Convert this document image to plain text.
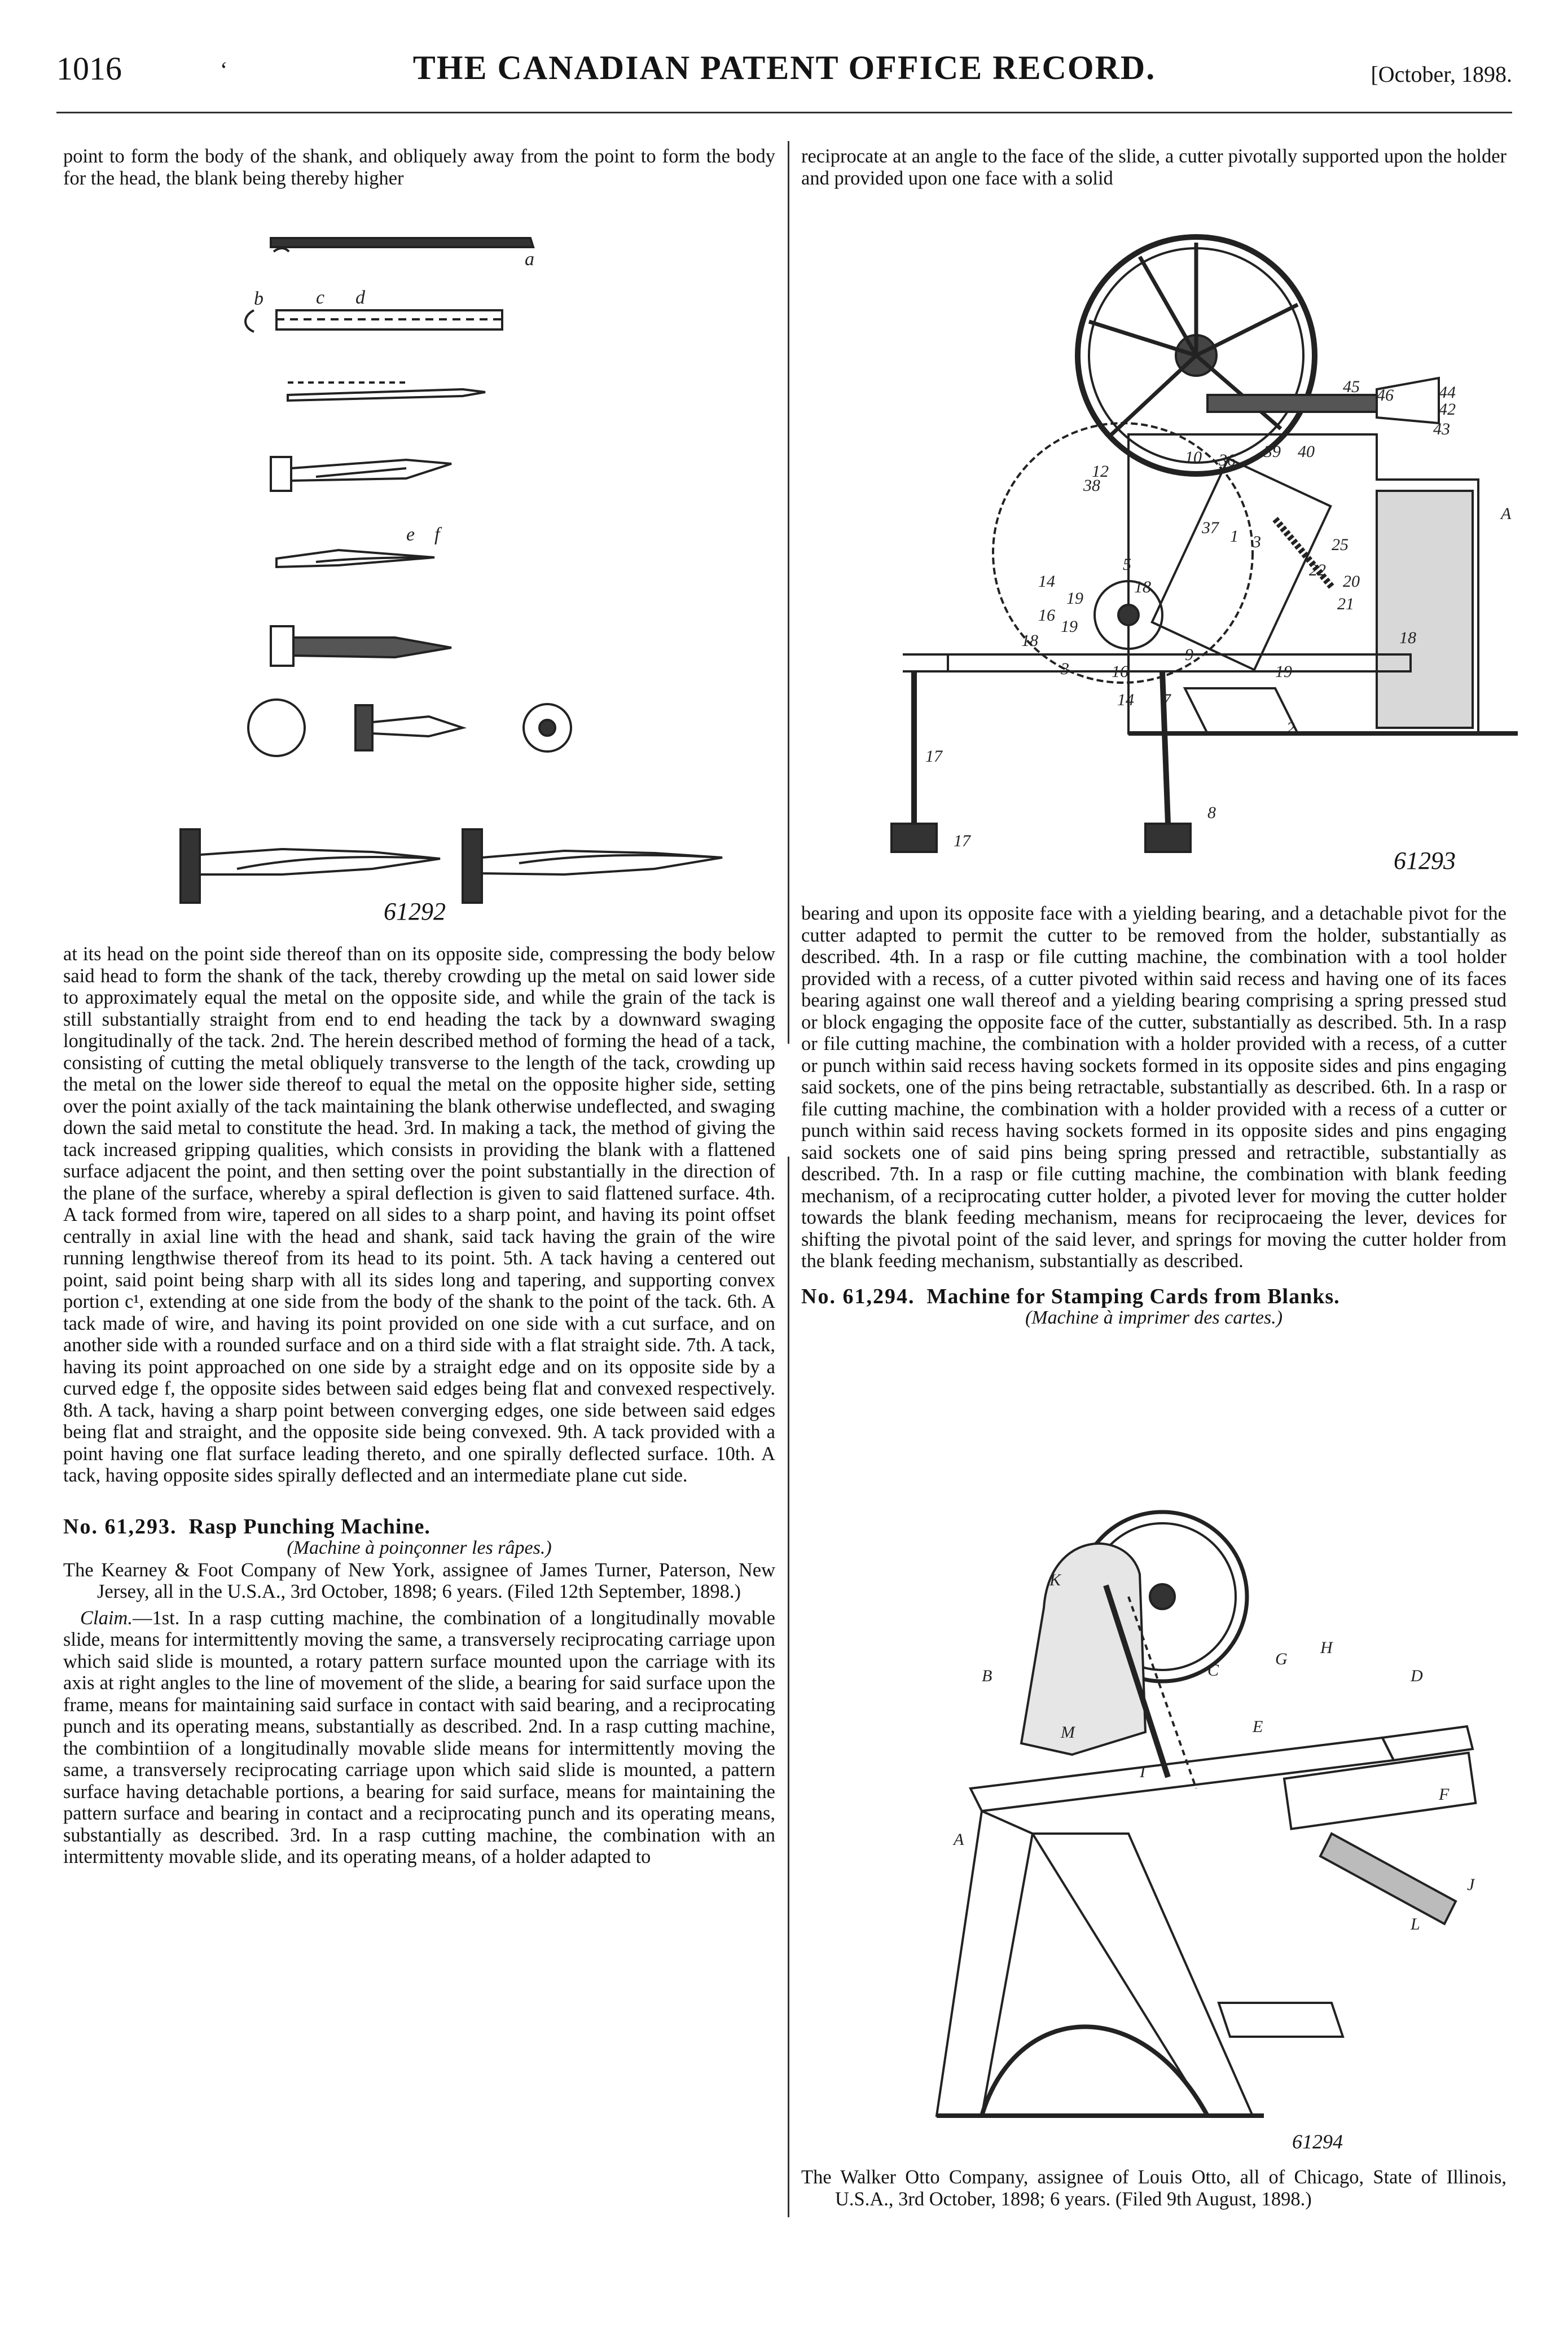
1016	‘	THE CANADIAN PATENT OFFICE RECORD.	[October, 1898.

point to form the body of the shank, and obliquely away from the point to form the body for the head, the blank being thereby higher

a
b	c d
e f
61292

at its head on the point side thereof than on its opposite side, compressing the body below said head to form the shank of the tack, thereby crowding up the metal on said lower side to approximately equal the metal on the opposite side, and while the grain of the tack is still substantially straight from end to end heading the tack by a downward swaging longitudinally of the tack. 2nd. The herein described method of forming the head of a tack, consisting of cutting the metal obliquely transverse to the length of the tack, crowding up the metal on the lower side thereof to equal the metal on the opposite higher side, setting over the point axially of the tack maintaining the blank otherwise undeflected, and swaging down the said metal to constitute the head. 3rd. In making a tack, the method of giving the tack increased gripping qualities, which consists in providing the blank with a flattened surface adjacent the point, and then setting over the point substantially in the direction of the plane of the surface, whereby a spiral deflection is given to said flattened surface. 4th. A tack formed from wire, tapered on all sides to a sharp point, and having its point offset centrally in axial line with the head and shank, said tack having the grain of the wire running lengthwise thereof from its head to its point. 5th. A tack having a centered out point, said point being sharp with all its sides long and tapering, and supporting convex portion c¹, extending at one side from the body of the shank to the point of the tack. 6th. A tack made of wire, and having its point provided on one side with a cut surface, and on another side with a rounded surface and on a third side with a flat straight side. 7th. A tack, having its point approached on one side by a straight edge and on its opposite side by a curved edge f, the opposite sides between said edges being flat and convexed respectively. 8th. A tack, having a sharp point between converging edges, one side between said edges being flat and straight, and the opposite side being convexed. 9th. A tack provided with a point having one flat surface leading thereto, and one spirally deflected surface. 10th. A tack, having opposite sides spirally deflected and an intermediate plane cut side.

No. 61,293. Rasp Punching Machine.

(Machine à poinçonner les râpes.)

The Kearney & Foot Company of New York, assignee of James Turner, Paterson, New Jersey, all in the U.S.A., 3rd October, 1898; 6 years. (Filed 12th September, 1898.)

Claim.—1st. In a rasp cutting machine, the combination of a longitudinally movable slide, means for intermittently moving the same, a transversely reciprocating carriage upon which said slide is mounted, a rotary pattern surface mounted upon the carriage with its axis at right angles to the line of movement of the slide, a bearing for said surface upon the frame, means for maintaining said surface in contact with said bearing, and a reciprocating punch and its operating means, substantially as described. 2nd. In a rasp cutting machine, the combintiion of a longitudinally movable slide means for intermittently moving the same, a transversely reciprocating carriage upon which said slide is mounted, a pattern surface having detachable portions, a bearing for said surface, means for maintaining the pattern surface and bearing in contact and a reciprocating punch and its operating means, substantially as described. 3rd. In a rasp cutting machine, the combination with an intermittenty movable slide, and its operating means, of a holder adapted to

reciprocate at an angle to the face of the slide, a cutter pivotally supported upon the holder and provided upon one face with a solid

45 46	44
42
43
A
38
10 36 39 40
37 1 3	25
22
21
20
18
14
16
19
19
18
5
12
18
3	16
9
19
14 7
2
17
17
8
61293

bearing and upon its opposite face with a yielding bearing, and a detachable pivot for the cutter adapted to permit the cutter to be removed from the holder, substantially as described. 4th. In a rasp or file cutting machine, the combination with a tool holder provided with a recess, of a cutter pivoted within said recess and having one of its faces bearing against one wall thereof and a yielding bearing comprising a spring pressed stud or block engaging the opposite face of the cutter, substantially as described. 5th. In a rasp or file cutting machine, the combination with a holder provided with a recess, of a cutter or punch within said recess having sockets formed in its opposite sides and pins engaging said sockets, one of the pins being retractable, substantially as described. 6th. In a rasp or file cutting machine, the combination with a holder provided with a recess of a cutter or punch within said recess having sockets formed in its opposite sides and pins engaging said sockets one of said pins being spring pressed and retractible, substantially as described. 7th. In a rasp or file cutting machine, the combination with blank feeding mechanism, of a reciprocating cutter holder, a pivoted lever for moving the cutter holder towards the blank feeding mechanism, means for reciprocaeing the lever, devices for shifting the pivotal point of the said lever, and springs for moving the cutter holder from the blank feeding mechanism, substantially as described.

No. 61,294. Machine for Stamping Cards from Blanks.

(Machine à imprimer des cartes.)

K
B	C
G
H
D
E
F
J
A
M
L
I
61294

The Walker Otto Company, assignee of Louis Otto, all of Chicago, State of Illinois, U.S.A., 3rd October, 1898; 6 years. (Filed 9th August, 1898.)
